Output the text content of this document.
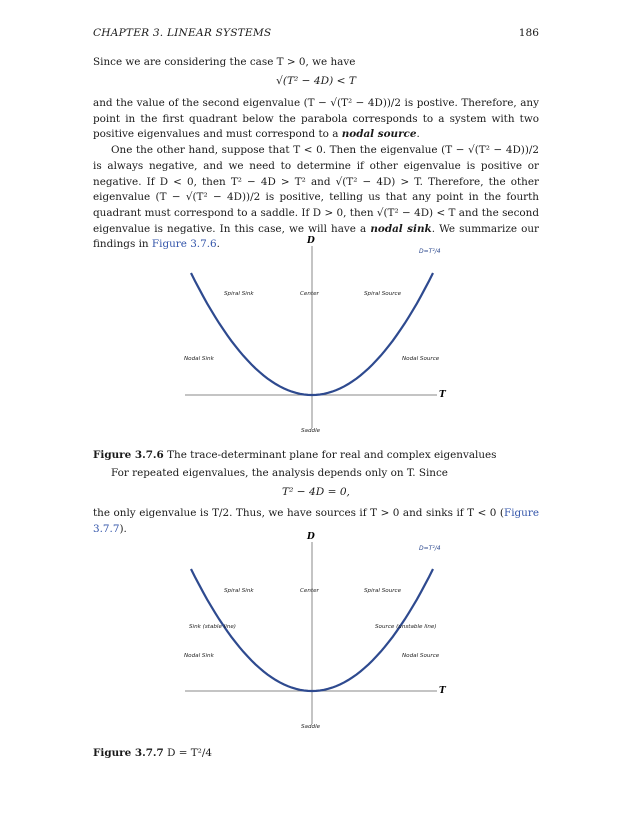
CHAPTER 3. LINEAR SYSTEMS	186

Since we are considering the case T > 0, we have

√(T² − 4D) < T

and the value of the second eigenvalue (T − √(T² − 4D))/2 is postive. Therefore, any point in the first quadrant below the parabola corresponds to a system with two positive eigenvalues and must correspond to a nodal source.

One the other hand, suppose that T < 0. Then the eigenvalue (T − √(T² − 4D))/2 is always negative, and we need to determine if other eigenvalue is positive or negative. If D < 0, then T² − 4D > T² and √(T² − 4D) > T. Therefore, the other eigenvalue (T − √(T² − 4D))/2 is positive, telling us that any point in the fourth quadrant must correspond to a saddle. If D > 0, then √(T² − 4D) < T and the second eigenvalue is negative. In this case, we will have a nodal sink. We summarize our findings in Figure 3.7.6.	D
T
D=T²/4
Spiral Sink	Center	Spiral Source
Nodal Sink	Nodal Source
Saddle
Figure 3.7.6 The trace-determinant plane for real and complex eigenvalues

For repeated eigenvalues, the analysis depends only on T. Since

T² − 4D = 0,

the only eigenvalue is T/2. Thus, we have sources if T > 0 and sinks if T < 0 (Figure 3.7.7).

D
T
D=T²/4
Spiral Sink	Center	Spiral Source
Sink (stable line)	Source (unstable line)
Nodal Sink	Nodal Source
Saddle
Figure 3.7.7 D = T²/4
